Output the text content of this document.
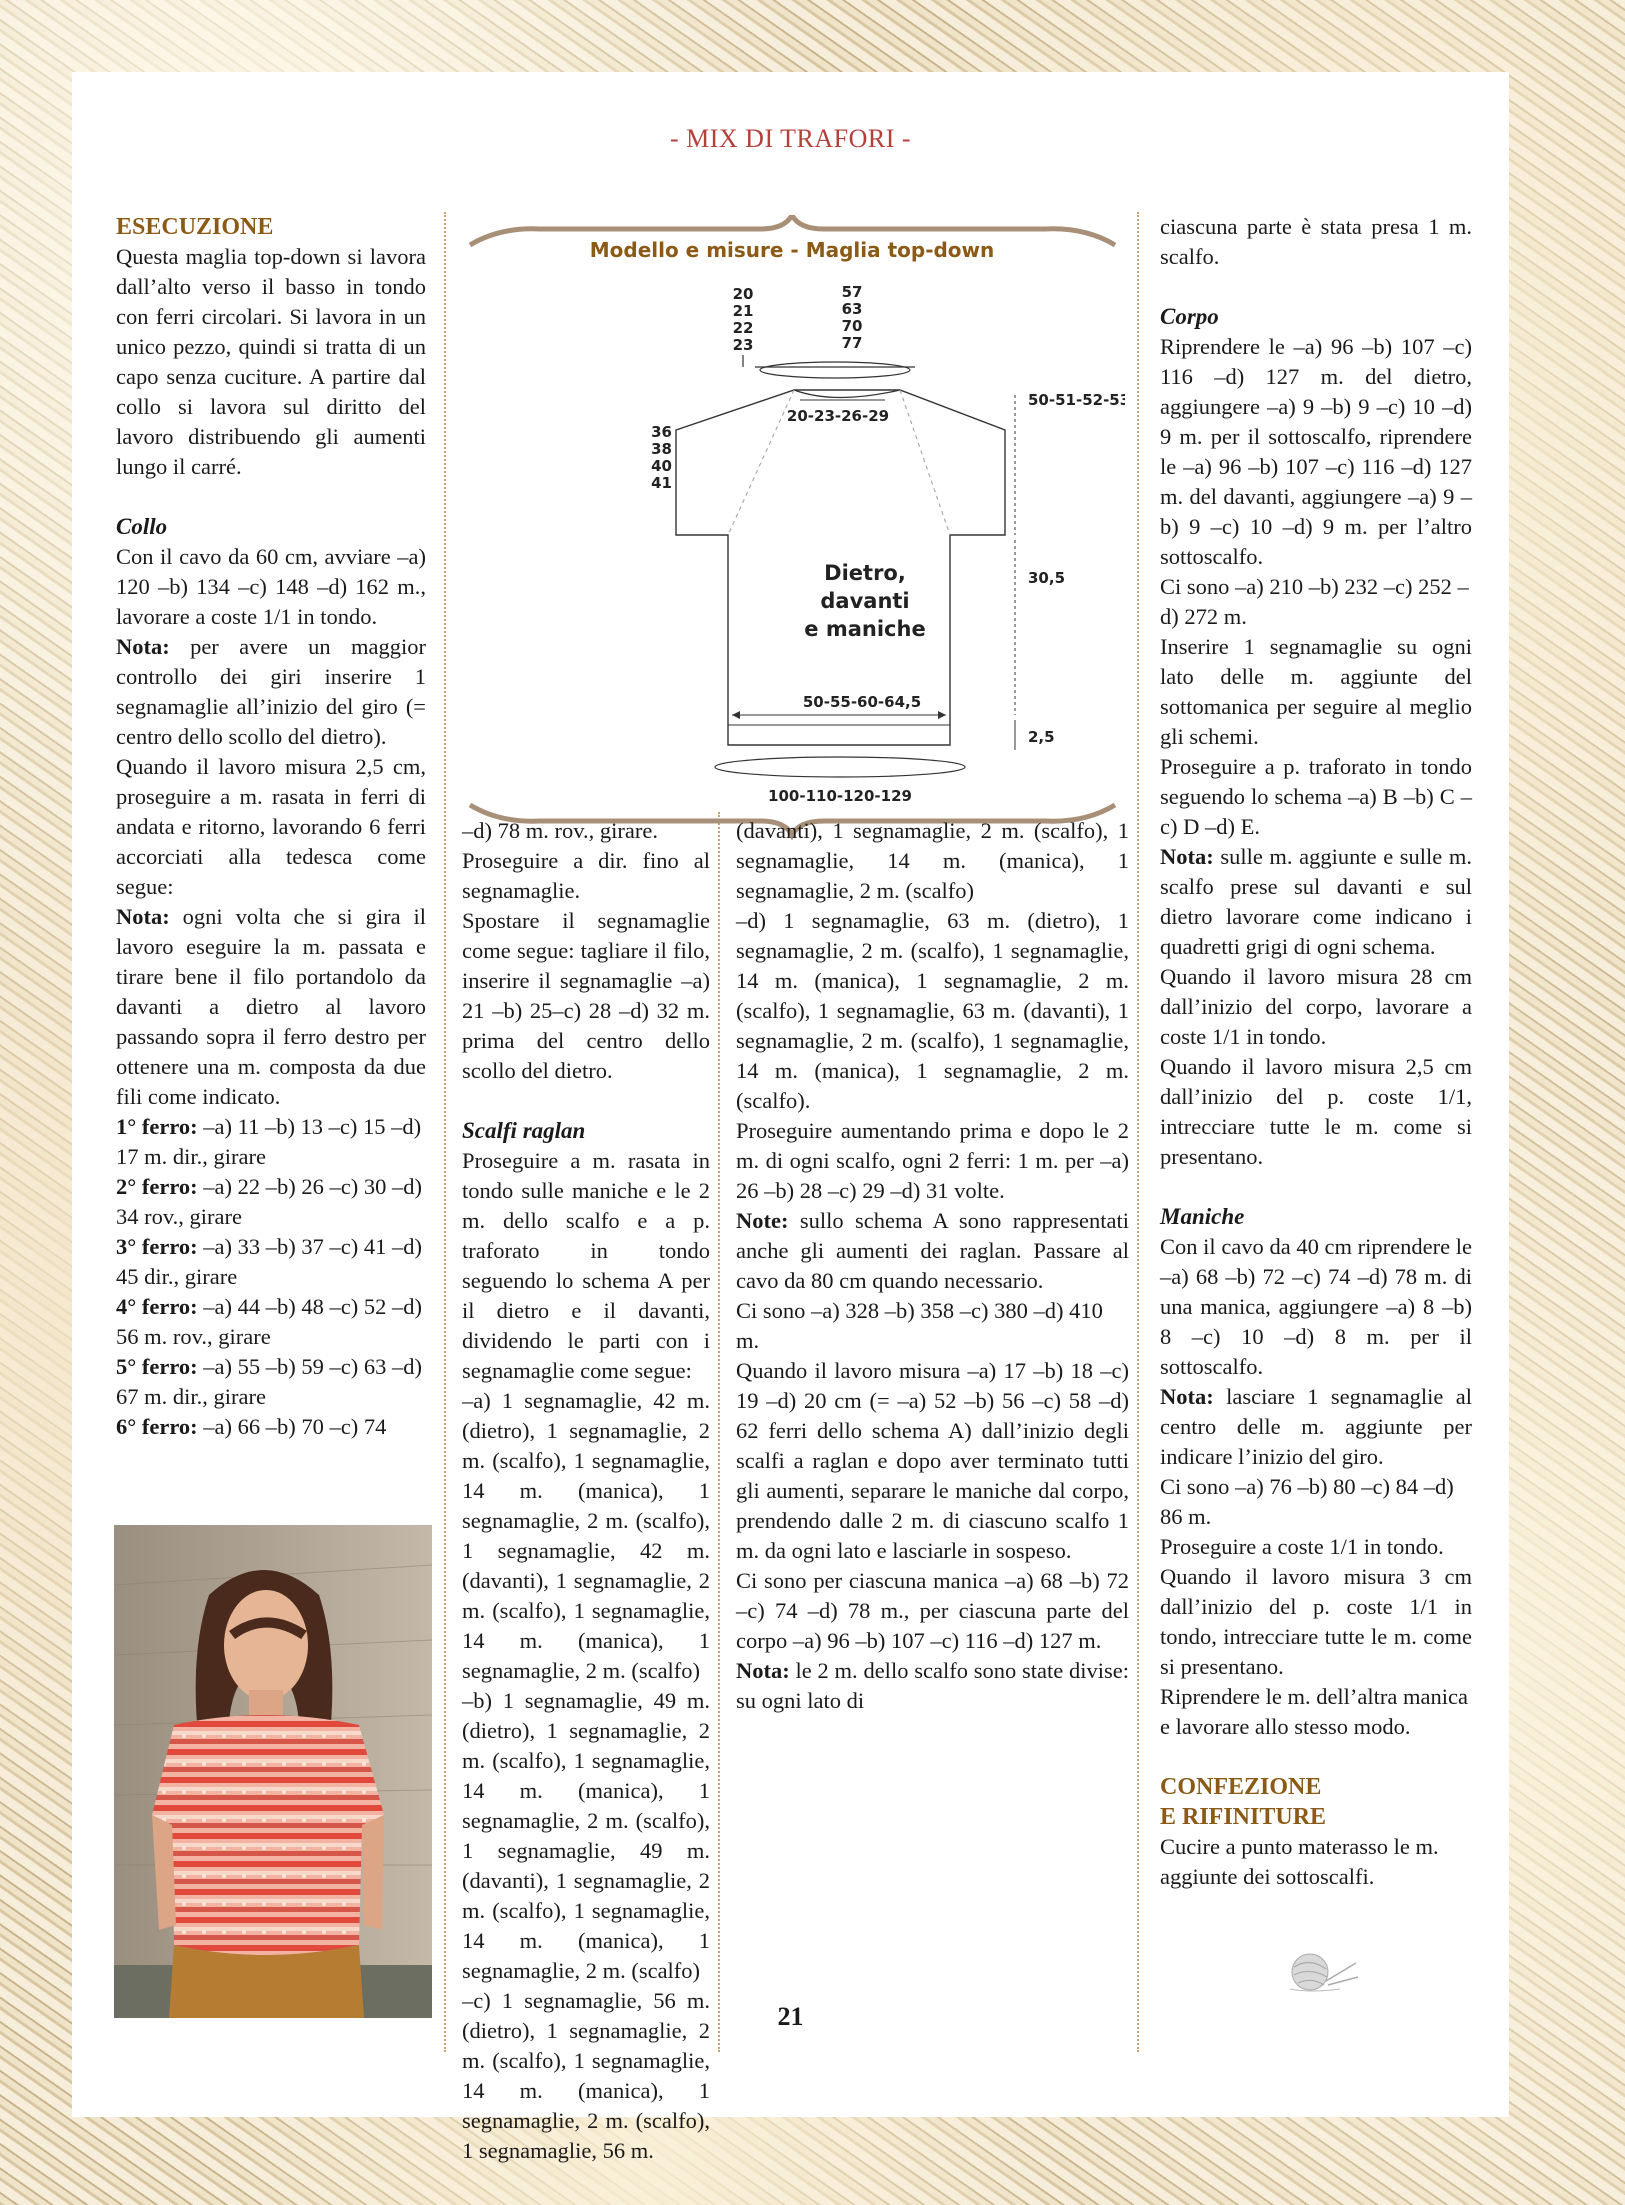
- MIX DI TRAFORI -

ESECUZIONE

Questa maglia top-down si lavora dall’alto verso il basso in tondo con ferri circolari. Si lavora in un unico pezzo, quindi si tratta di un capo senza cuciture. A partire dal collo si lavora sul diritto del lavoro distribuendo gli aumenti lungo il carré.

Collo

Con il cavo da 60 cm, avviare –a) 120 –b) 134 –c) 148 –d) 162 m., lavorare a coste 1/1 in tondo.

Nota: per avere un maggior controllo dei giri inserire 1 segnamaglie all’inizio del giro (= centro dello scollo del dietro).

Quando il lavoro misura 2,5 cm, proseguire a m. rasata in ferri di andata e ritorno, lavorando 6 ferri accorciati alla tedesca come segue:

Nota: ogni volta che si gira il lavoro eseguire la m. passata e tirare bene il filo portandolo da davanti a dietro al lavoro passando sopra il ferro destro per ottenere una m. composta da due fili come indicato.

1° ferro: –a) 11 –b) 13 –c) 15 –d) 17 m. dir., girare

2° ferro: –a) 22 –b) 26 –c) 30 –d) 34 rov., girare

3° ferro: –a) 33 –b) 37 –c) 41 –d) 45 dir., girare

4° ferro: –a) 44 –b) 48 –c) 52 –d) 56 m. rov., girare

5° ferro: –a) 55 –b) 59 –c) 63 –d) 67 m. dir., girare

6° ferro: –a) 66 –b) 70 –c) 74

Modello e misure - Maglia top-down
20
21
22
23
57
63
70
77
20-23-26-29
50-51-52-53
36
38
40
41
Dietro,
davanti
e maniche
30,5
50-55-60-64,5
2,5
100-110-120-129

–d) 78 m. rov., girare.

Proseguire a dir. fino al segnamaglie.

Spostare il segnamaglie come segue: tagliare il filo, inserire il segnamaglie –a) 21 –b) 25–c) 28 –d) 32 m. prima del centro dello scollo del dietro.

Scalfi raglan

Proseguire a m. rasata in tondo sulle maniche e le 2 m. dello scalfo e a p. traforato in tondo seguendo lo schema A per il dietro e il davanti, dividendo le parti con i segnamaglie come segue:

–a) 1 segnamaglie, 42 m. (dietro), 1 segnamaglie, 2 m. (scalfo), 1 segnamaglie, 14 m. (manica), 1 segnamaglie, 2 m. (scalfo), 1 segnamaglie, 42 m. (davanti), 1 segnamaglie, 2 m. (scalfo), 1 segnamaglie, 14 m. (manica), 1 segnamaglie, 2 m. (scalfo)

–b) 1 segnamaglie, 49 m. (dietro), 1 segnamaglie, 2 m. (scalfo), 1 segnamaglie, 14 m. (manica), 1 segnamaglie, 2 m. (scalfo), 1 segnamaglie, 49 m. (davanti), 1 segnamaglie, 2 m. (scalfo), 1 segnamaglie, 14 m. (manica), 1 segnamaglie, 2 m. (scalfo)

–c) 1 segnamaglie, 56 m. (dietro), 1 segnamaglie, 2 m. (scalfo), 1 segnamaglie, 14 m. (manica), 1 segnamaglie, 2 m. (scalfo), 1 segnamaglie, 56 m.

(davanti), 1 segnamaglie, 2 m. (scalfo), 1 segnamaglie, 14 m. (manica), 1 segnamaglie, 2 m. (scalfo)

–d) 1 segnamaglie, 63 m. (dietro), 1 segnamaglie, 2 m. (scalfo), 1 segnamaglie, 14 m. (manica), 1 segnamaglie, 2 m. (scalfo), 1 segnamaglie, 63 m. (davanti), 1 segnamaglie, 2 m. (scalfo), 1 segnamaglie, 14 m. (manica), 1 segnamaglie, 2 m. (scalfo).

Proseguire aumentando prima e dopo le 2 m. di ogni scalfo, ogni 2 ferri: 1 m. per –a) 26 –b) 28 –c) 29 –d) 31 volte.

Note: sullo schema A sono rappresentati anche gli aumenti dei raglan. Passare al cavo da 80 cm quando necessario.

Ci sono –a) 328 –b) 358 –c) 380 –d) 410 m.

Quando il lavoro misura –a) 17 –b) 18 –c) 19 –d) 20 cm (= –a) 52 –b) 56 –c) 58 –d) 62 ferri dello schema A) dall’inizio degli scalfi a raglan e dopo aver terminato tutti gli aumenti, separare le maniche dal corpo, prendendo dalle 2 m. di ciascuno scalfo 1 m. da ogni lato e lasciarle in sospeso.

Ci sono per ciascuna manica –a) 68 –b) 72 –c) 74 –d) 78 m., per ciascuna parte del corpo –a) 96 –b) 107 –c) 116 –d) 127 m.

Nota: le 2 m. dello scalfo sono state divise: su ogni lato di

ciascuna parte è stata presa 1 m. scalfo.

Corpo

Riprendere le –a) 96 –b) 107 –c) 116 –d) 127 m. del dietro, aggiungere –a) 9 –b) 9 –c) 10 –d) 9 m. per il sottoscalfo, riprendere le –a) 96 –b) 107 –c) 116 –d) 127 m. del davanti, aggiungere –a) 9 –b) 9 –c) 10 –d) 9 m. per l’altro sottoscalfo.

Ci sono –a) 210 –b) 232 –c) 252 –d) 272 m.

Inserire 1 segnamaglie su ogni lato delle m. aggiunte del sottomanica per seguire al meglio gli schemi.

Proseguire a p. traforato in tondo seguendo lo schema –a) B –b) C –c) D –d) E.

Nota: sulle m. aggiunte e sulle m. scalfo prese sul davanti e sul dietro lavorare come indicano i quadretti grigi di ogni schema.

Quando il lavoro misura 28 cm dall’inizio del corpo, lavorare a coste 1/1 in tondo.

Quando il lavoro misura 2,5 cm dall’inizio del p. coste 1/1, intrecciare tutte le m. come si presentano.

Maniche

Con il cavo da 40 cm riprendere le –a) 68 –b) 72 –c) 74 –d) 78 m. di una manica, aggiungere –a) 8 –b) 8 –c) 10 –d) 8 m. per il sottoscalfo.

Nota: lasciare 1 segnamaglie al centro delle m. aggiunte per indicare l’inizio del giro.

Ci sono –a) 76 –b) 80 –c) 84 –d) 86 m.

Proseguire a coste 1/1 in tondo.

Quando il lavoro misura 3 cm dall’inizio del p. coste 1/1 in tondo, intrecciare tutte le m. come si presentano.

Riprendere le m. dell’altra manica e lavorare allo stesso modo.

CONFEZIONE

E RIFINITURE

Cucire a punto materasso le m. aggiunte dei sottoscalfi.

21
